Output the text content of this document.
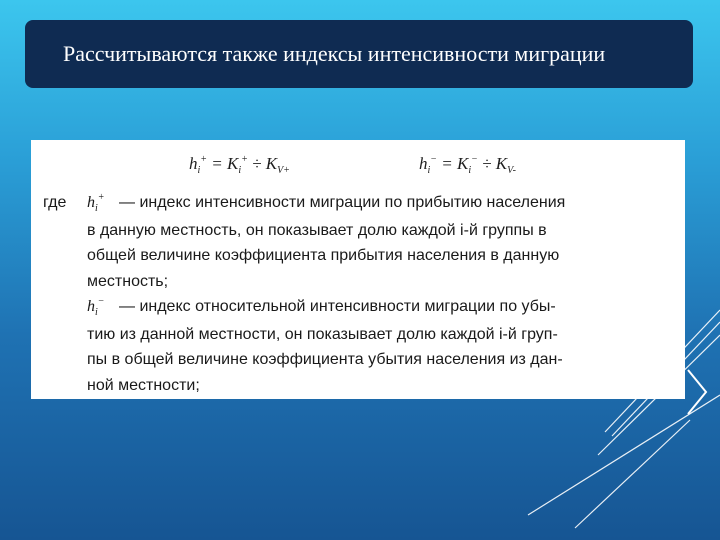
Рассчитываются также индексы интенсивности миграции
$h_i^+ = K_i^+ \div K_{V+}$	$h_i^- = K_i^- \div K_{V-}$
где	$h_i^+$ — индекс интенсивности миграции по прибытию населения
в данную местность, он показывает долю каждой i-й группы в
общей величине коэффициента прибытия населения в данную
местность;
$h_i^-$ — индекс относительной интенсивности миграции по убы-
тию из данной местности, он показывает долю каждой i-й груп-
пы в общей величине коэффициента убытия населения из дан-
ной местности;
